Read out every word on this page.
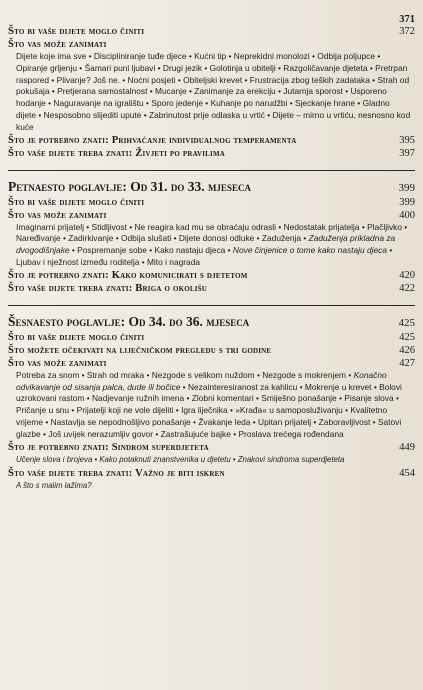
371
Što bi vaše dijete moglo činiti	372
Što vas može zanimati
Dijete koje ima sve • Discipliniranje tuđe djece • Kućni tip • Neprekidni monolozi • Odbija poljupce • Opiranje grljenju • Šamari puni ljubavi • Drugi jezik • Golotinja u obitelji • Razgoličavanje djeteta • Pretrpan raspored • Plivanje? Još ne. • Noćni posjeti • Obiteljski krevet • Frustracija zbog teških zadataka • Strah od pokušaja • Pretjerana samostalnost • Mucanje • Zanimanje za erekciju • Jutarnja sporost • Usporeno hodanje • Naguravanje na igralištu • Sporo jedenje • Kuhanje po narudžbi • Sjeckanje hrane • Gladno dijete • Nesposobno slijediti upute • Zabrinutost prije odlaska u vrtić • Dijete – mirno u vrtiću, nesnosno kod kuće
Što je potrebno znati: Prihvaćanje individualnog temperamenta	395
Što vaše dijete treba znati: Živjeti po pravilima	397
Petnaesto poglavlje: Od 31. do 33. mjeseca	399
Što bi vaše dijete moglo činiti	399
Što vas može zanimati	400
Imaginarni prijatelj • Stidljivost • Ne reagira kad mu se obraćaju odrasli • Nedostatak prijatelja • Plačljivko • Naređivanje • Zadirkivanje • Odbija slušati • Dijete donosi odluke • Zaduženja • Zaduženja prikladna za dvogodišnjake • Pospremanje sobe • Kako nastaju djeca • Nove činjenice o tome kako nastaju djeca • Ljubav i nježnost između roditelja • Mito i nagrada
Što je potrebno znati: Kako komunicirati s djetetom	420
Što vaše dijete treba znati: Briga o okolišu	422
Šesnaesto poglavlje: Od 34. do 36. mjeseca	425
Što bi vaše dijete moglo činiti	425
Što možete očekivati na liječničkom pregledu s tri godine	426
Što vas može zanimati	427
Potreba za snom • Strah od mraka • Nezgode s velikom nuždom • Nezgode s mokrenjem • Konačno odvikavanje od sisanja palca, dude ili bočice • Nezainteresiranost za kahlicu • Mokrenje u krevet • Bolovi uzrokovani rastom • Nadjevanje ružnih imena • Zlobni komentari • Smiješno ponašanje • Pisanje slova • Pričanje u snu • Prijatelji koji ne vole dijeliti • Igra liječnika • »Krađa« u samoposluživanju • Kvalitetno vrijeme • Nastavlja se nepodnošljivo ponašanje • Žvakanje leda • Upitan prijatelj • Zaboravljivost • Satovi glazbe • Još uvijek nerazumljiv govor • Zastrašujuće bajke • Proslava trećega rođendana
Što je potrebno znati: Sindrom superdjeteta	449
Učenje slova i brojeva • Kako potaknuti znanstvenika u djetetu • Znakovi sindroma superdjeteta
Što vaše dijete treba znati: Važno je biti iskren	454
A što s malim lažima?
